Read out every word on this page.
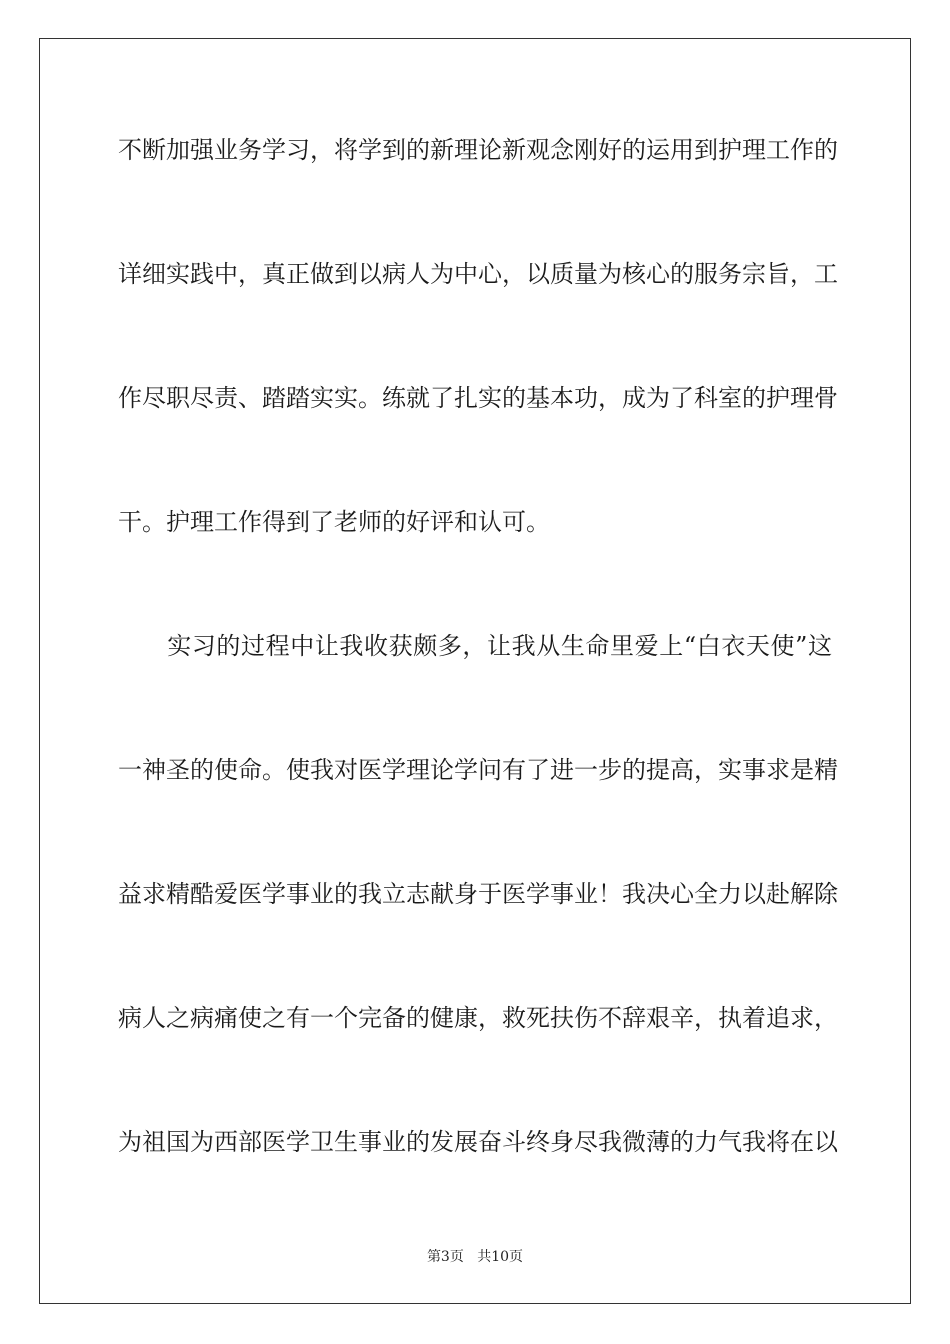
不断加强业务学习，将学到的新理论新观念刚好的运用到护理工作的
详细实践中，真正做到以病人为中心，以质量为核心的服务宗旨，工
作尽职尽责、踏踏实实。练就了扎实的基本功，成为了科室的护理骨
干。护理工作得到了老师的好评和认可。
　　实习的过程中让我收获颇多，让我从生命里爱上“白衣天使”这
一神圣的使命。使我对医学理论学问有了进一步的提高，实事求是精
益求精酷爱医学事业的我立志献身于医学事业！我决心全力以赴解除
病人之病痛使之有一个完备的健康，救死扶伤不辞艰辛，执着追求，
为祖国为西部医学卫生事业的发展奋斗终身尽我微薄的力气我将在以
第3页 共10页
